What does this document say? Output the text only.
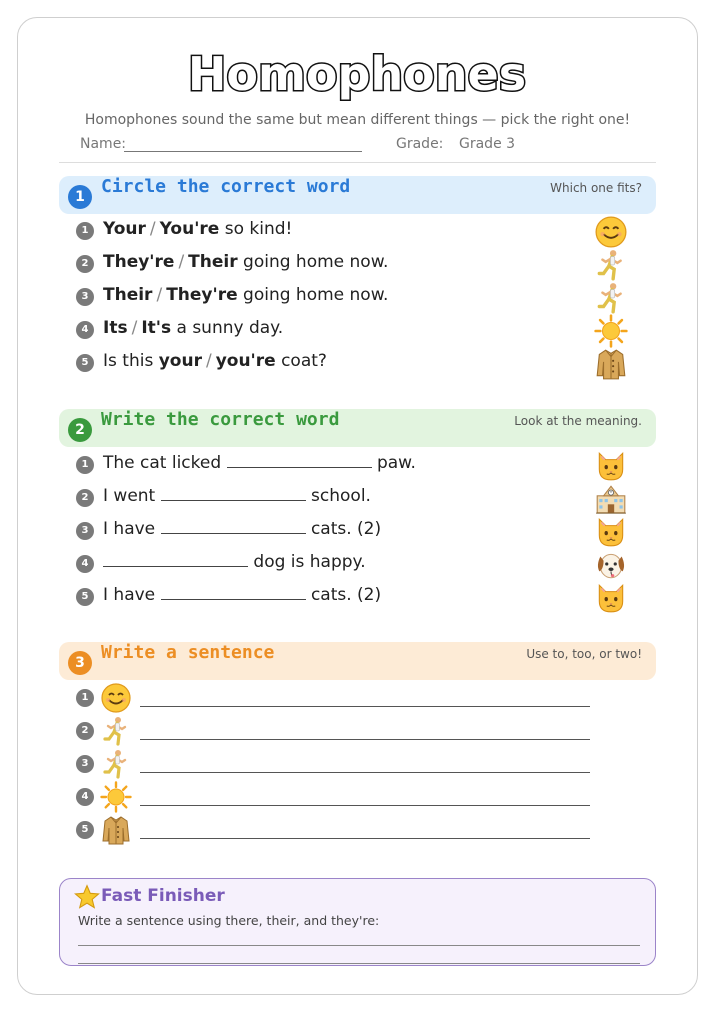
Homophones
Homophones sound the same but mean different things — pick the right one!
Name:	Grade: Grade 3
1 Circle the correct word	Which one fits?
1 Your / You're so kind!
2 They're / Their going home now.
3 Their / They're going home now.
4 Its / It's a sunny day.
5 Is this your / you're coat?
2 Write the correct word	Look at the meaning.
1 The cat licked	paw.
2 I went	school.
3 I have	cats. (2)
4	dog is happy.
5 I have	cats. (2)
3 Write a sentence	Use to, too, or two!
1
2
3
4
5
Fast Finisher
Write a sentence using there, their, and they're:
